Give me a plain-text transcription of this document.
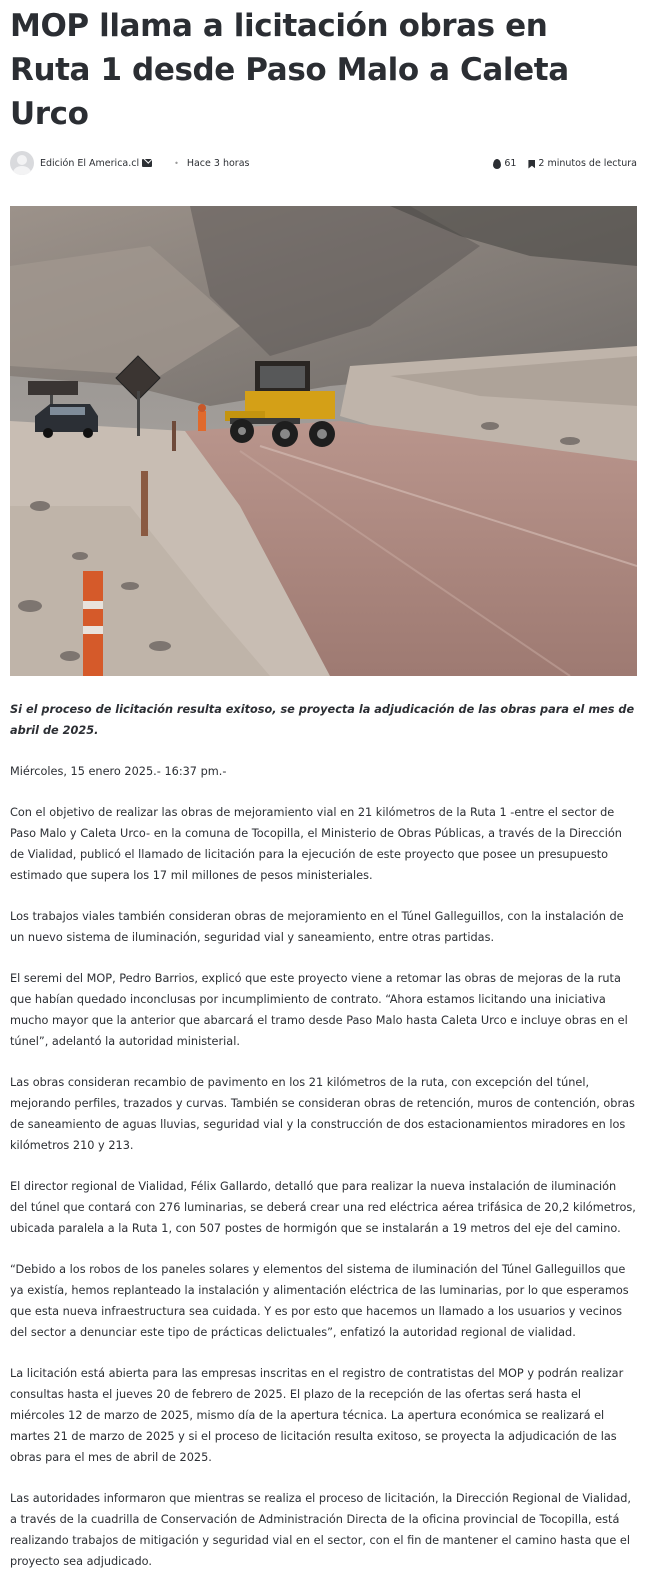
MOP llama a licitación obras en Ruta 1 desde Paso Malo a Caleta Urco
Edición El America.cl	• Hace 3 horas	61 2 minutos de lectura

Si el proceso de licitación resulta exitoso, se proyecta la adjudicación de las obras para el mes de abril de 2025.

Miércoles, 15 enero 2025.- 16:37 pm.-

Con el objetivo de realizar las obras de mejoramiento vial en 21 kilómetros de la Ruta 1 -entre el sector de Paso Malo y Caleta Urco- en la comuna de Tocopilla, el Ministerio de Obras Públicas, a través de la Dirección de Vialidad, publicó el llamado de licitación para la ejecución de este proyecto que posee un presupuesto estimado que supera los 17 mil millones de pesos ministeriales.

Los trabajos viales también consideran obras de mejoramiento en el Túnel Galleguillos, con la instalación de un nuevo sistema de iluminación, seguridad vial y saneamiento, entre otras partidas.

El seremi del MOP, Pedro Barrios, explicó que este proyecto viene a retomar las obras de mejoras de la ruta que habían quedado inconclusas por incumplimiento de contrato. “Ahora estamos licitando una iniciativa mucho mayor que la anterior que abarcará el tramo desde Paso Malo hasta Caleta Urco e incluye obras en el túnel”, adelantó la autoridad ministerial.

Las obras consideran recambio de pavimento en los 21 kilómetros de la ruta, con excepción del túnel, mejorando perfiles, trazados y curvas. También se consideran obras de retención, muros de contención, obras de saneamiento de aguas lluvias, seguridad vial y la construcción de dos estacionamientos miradores en los kilómetros 210 y 213.

El director regional de Vialidad, Félix Gallardo, detalló que para realizar la nueva instalación de iluminación del túnel que contará con 276 luminarias, se deberá crear una red eléctrica aérea trifásica de 20,2 kilómetros, ubicada paralela a la Ruta 1, con 507 postes de hormigón que se instalarán a 19 metros del eje del camino.

“Debido a los robos de los paneles solares y elementos del sistema de iluminación del Túnel Galleguillos que ya existía, hemos replanteado la instalación y alimentación eléctrica de las luminarias, por lo que esperamos que esta nueva infraestructura sea cuidada. Y es por esto que hacemos un llamado a los usuarios y vecinos del sector a denunciar este tipo de prácticas delictuales”, enfatizó la autoridad regional de vialidad.

La licitación está abierta para las empresas inscritas en el registro de contratistas del MOP y podrán realizar consultas hasta el jueves 20 de febrero de 2025. El plazo de la recepción de las ofertas será hasta el miércoles 12 de marzo de 2025, mismo día de la apertura técnica. La apertura económica se realizará el martes 21 de marzo de 2025 y si el proceso de licitación resulta exitoso, se proyecta la adjudicación de las obras para el mes de abril de 2025.

Las autoridades informaron que mientras se realiza el proceso de licitación, la Dirección Regional de Vialidad, a través de la cuadrilla de Conservación de Administración Directa de la oficina provincial de Tocopilla, está realizando trabajos de mitigación y seguridad vial en el sector, con el fin de mantener el camino hasta que el proyecto sea adjudicado.
